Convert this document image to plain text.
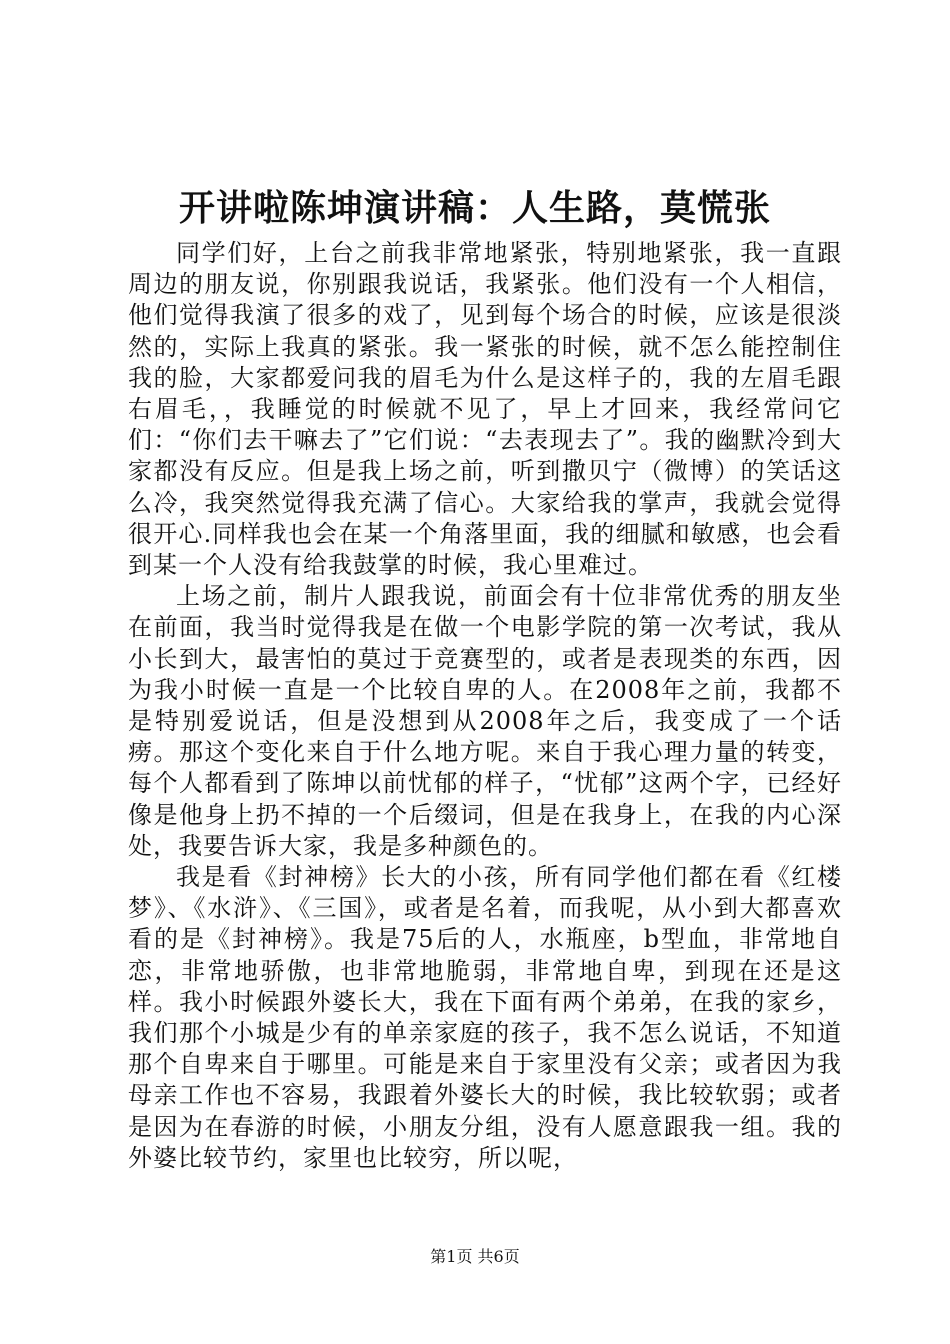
开讲啦陈坤演讲稿：人生路，莫慌张

同学们好，上台之前我非常地紧张，特别地紧张，我一直跟周边的朋友说，你别跟我说话，我紧张。他们没有一个人相信，他们觉得我演了很多的戏了，见到每个场合的时候，应该是很淡然的，实际上我真的紧张。我一紧张的时候，就不怎么能控制住我的脸，大家都爱问我的眉毛为什么是这样子的，我的左眉毛跟右眉毛，，我睡觉的时候就不见了，早上才回来，我经常问它们：“你们去干嘛去了”它们说：“去表现去了”。我的幽默冷到大家都没有反应。但是我上场之前，听到撒贝宁（微博）的笑话这么冷，我突然觉得我充满了信心。大家给我的掌声，我就会觉得很开心.同样我也会在某一个角落里面，我的细腻和敏感，也会看到某一个人没有给我鼓掌的时候，我心里难过。

上场之前，制片人跟我说，前面会有十位非常优秀的朋友坐在前面，我当时觉得我是在做一个电影学院的第一次考试，我从小长到大，最害怕的莫过于竞赛型的，或者是表现类的东西，因为我小时候一直是一个比较自卑的人。在2008年之前，我都不是特别爱说话，但是没想到从2008年之后，我变成了一个话痨。那这个变化来自于什么地方呢。来自于我心理力量的转变，每个人都看到了陈坤以前忧郁的样子，“忧郁”这两个字，已经好像是他身上扔不掉的一个后缀词，但是在我身上，在我的内心深处，我要告诉大家，我是多种颜色的。

我是看《封神榜》长大的小孩，所有同学他们都在看《红楼梦》、《水浒》、《三国》，或者是名着，而我呢，从小到大都喜欢看的是《封神榜》。我是75后的人，水瓶座，b型血，非常地自恋，非常地骄傲，也非常地脆弱，非常地自卑，到现在还是这样。我小时候跟外婆长大，我在下面有两个弟弟，在我的家乡，我们那个小城是少有的单亲家庭的孩子，我不怎么说话，不知道那个自卑来自于哪里。可能是来自于家里没有父亲；或者因为我母亲工作也不容易，我跟着外婆长大的时候，我比较软弱；或者是因为在春游的时候，小朋友分组，没有人愿意跟我一组。我的外婆比较节约，家里也比较穷，所以呢，

第1页 共6页
